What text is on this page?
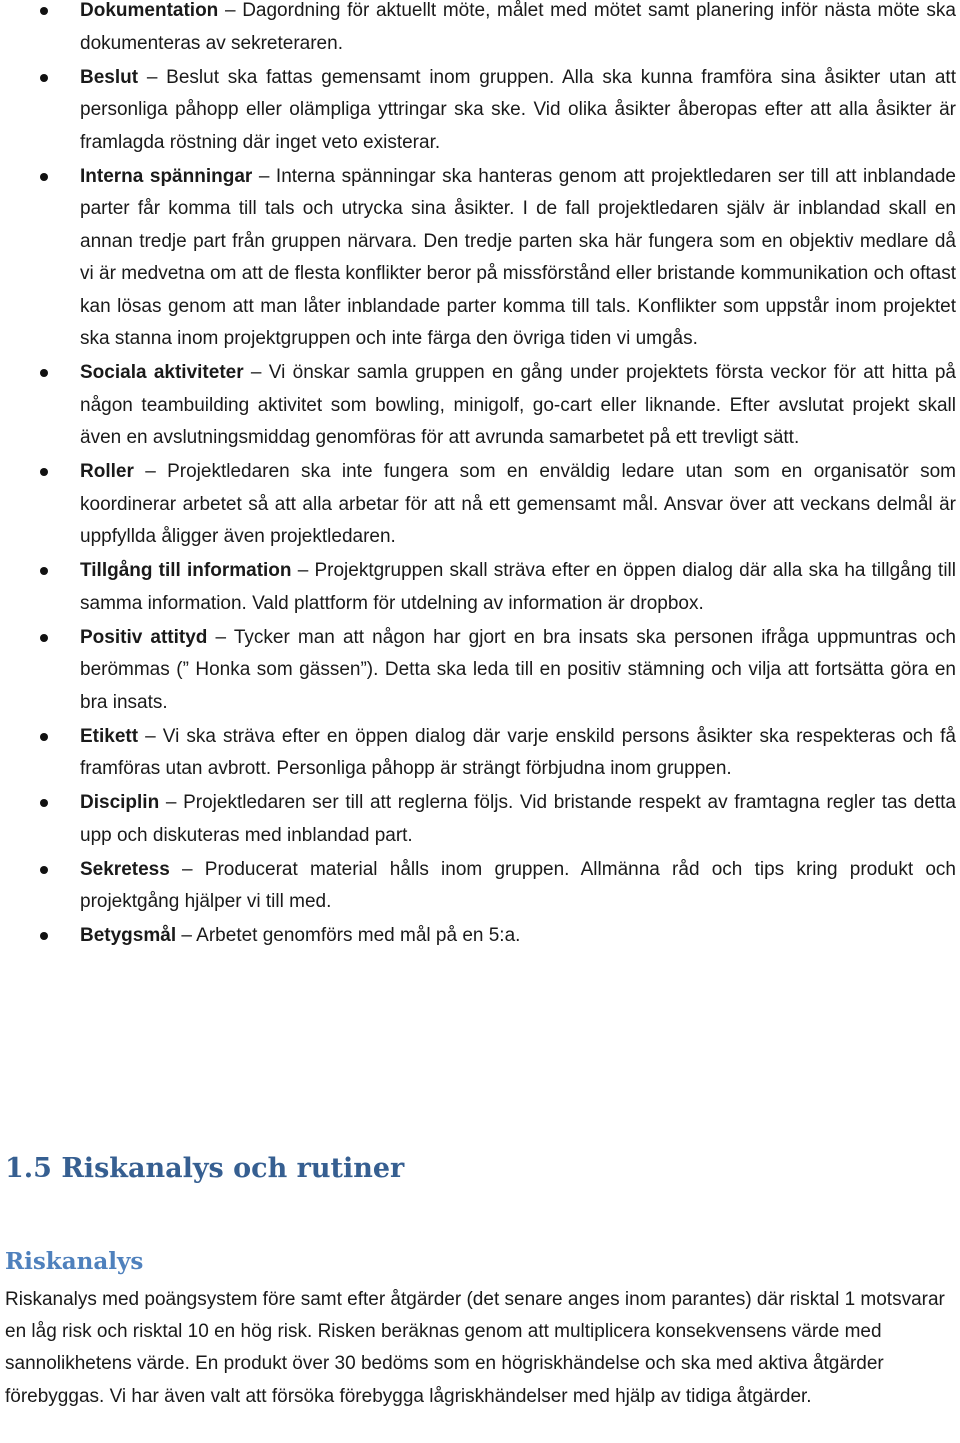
Dokumentation – Dagordning för aktuellt möte, målet med mötet samt planering inför nästa möte ska dokumenteras av sekreteraren.
Beslut – Beslut ska fattas gemensamt inom gruppen. Alla ska kunna framföra sina åsikter utan att personliga påhopp eller olämpliga yttringar ska ske. Vid olika åsikter åberopas efter att alla åsikter är framlagda röstning där inget veto existerar.
Interna spänningar – Interna spänningar ska hanteras genom att projektledaren ser till att inblandade parter får komma till tals och utrycka sina åsikter. I de fall projektledaren själv är inblandad skall en annan tredje part från gruppen närvara. Den tredje parten ska här fungera som en objektiv medlare då vi är medvetna om att de flesta konflikter beror på missförstånd eller bristande kommunikation och oftast kan lösas genom att man låter inblandade parter komma till tals. Konflikter som uppstår inom projektet ska stanna inom projektgruppen och inte färga den övriga tiden vi umgås.
Sociala aktiviteter – Vi önskar samla gruppen en gång under projektets första veckor för att hitta på någon teambuilding aktivitet som bowling, minigolf, go-cart eller liknande. Efter avslutat projekt skall även en avslutningsmiddag genomföras för att avrunda samarbetet på ett trevligt sätt.
Roller – Projektledaren ska inte fungera som en enväldig ledare utan som en organisatör som koordinerar arbetet så att alla arbetar för att nå ett gemensamt mål. Ansvar över att veckans delmål är uppfyllda åligger även projektledaren.
Tillgång till information – Projektgruppen skall sträva efter en öppen dialog där alla ska ha tillgång till samma information. Vald plattform för utdelning av information är dropbox.
Positiv attityd – Tycker man att någon har gjort en bra insats ska personen ifråga uppmuntras och berömmas (” Honka som gässen”). Detta ska leda till en positiv stämning och vilja att fortsätta göra en bra insats.
Etikett – Vi ska sträva efter en öppen dialog där varje enskild persons åsikter ska respekteras och få framföras utan avbrott. Personliga påhopp är strängt förbjudna inom gruppen.
Disciplin – Projektledaren ser till att reglerna följs. Vid bristande respekt av framtagna regler tas detta upp och diskuteras med inblandad part.
Sekretess – Producerat material hålls inom gruppen. Allmänna råd och tips kring produkt och projektgång hjälper vi till med.
Betygsmål – Arbetet genomförs med mål på en 5:a.
1.5 Riskanalys och rutiner
Riskanalys

Riskanalys med poängsystem före samt efter åtgärder (det senare anges inom parantes) där risktal 1 motsvarar en låg risk och risktal 10 en hög risk. Risken beräknas genom att multiplicera konsekvensens värde med sannolikhetens värde. En produkt över 30 bedöms som en högriskhändelse och ska med aktiva åtgärder förebyggas. Vi har även valt att försöka förebygga lågriskhändelser med hjälp av tidiga åtgärder.
